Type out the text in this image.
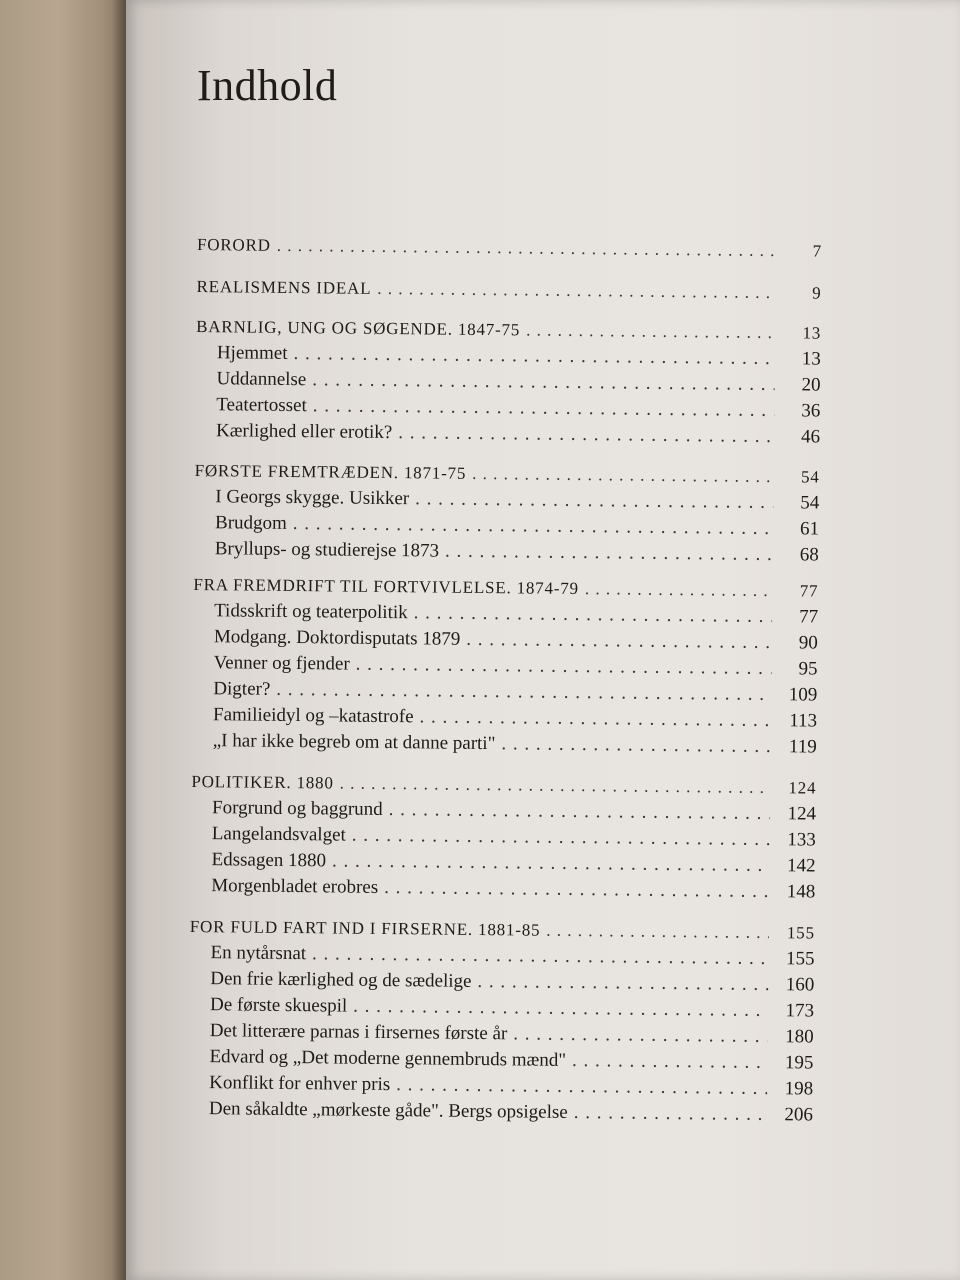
Indhold
FORORD . . .	7
REALISMENS IDEAL . . .	9
BARNLIG, UNG OG SØGENDE. 1847-75 . . .	13
Hjemmet . . .	13
Uddannelse . . .	20
Teatertosset . . .	36
Kærlighed eller erotik? . . .	46
FØRSTE FREMTRÆDEN. 1871-75 . . .	54
I Georgs skygge. Usikker . . .	54
Brudgom . . .	61
Bryllups- og studierejse 1873 . . .	68
FRA FREMDRIFT TIL FORTVIVLELSE. 1874-79 . . .	77
Tidsskrift og teaterpolitik . . .	77
Modgang. Doktordisputats 1879 . . .	90
Venner og fjender . . .	95
Digter? . . .	109
Familieidyl og –katastrofe . . .	113
„I har ikke begreb om at danne parti" . . .	119
POLITIKER. 1880 . . .	124
Forgrund og baggrund . . .	124
Langelandsvalget . . .	133
Edssagen 1880 . . .	142
Morgenbladet erobres . . .	148
FOR FULD FART IND I FIRSERNE. 1881-85 . . .	155
En nytårsnat . . .	155
Den frie kærlighed og de sædelige . . .	160
De første skuespil . . .	173
Det litterære parnas i firsernes første år . . .	180
Edvard og „Det moderne gennembruds mænd" . . .	195
Konflikt for enhver pris . . .	198
Den såkaldte „mørkeste gåde". Bergs opsigelse . . .	206
